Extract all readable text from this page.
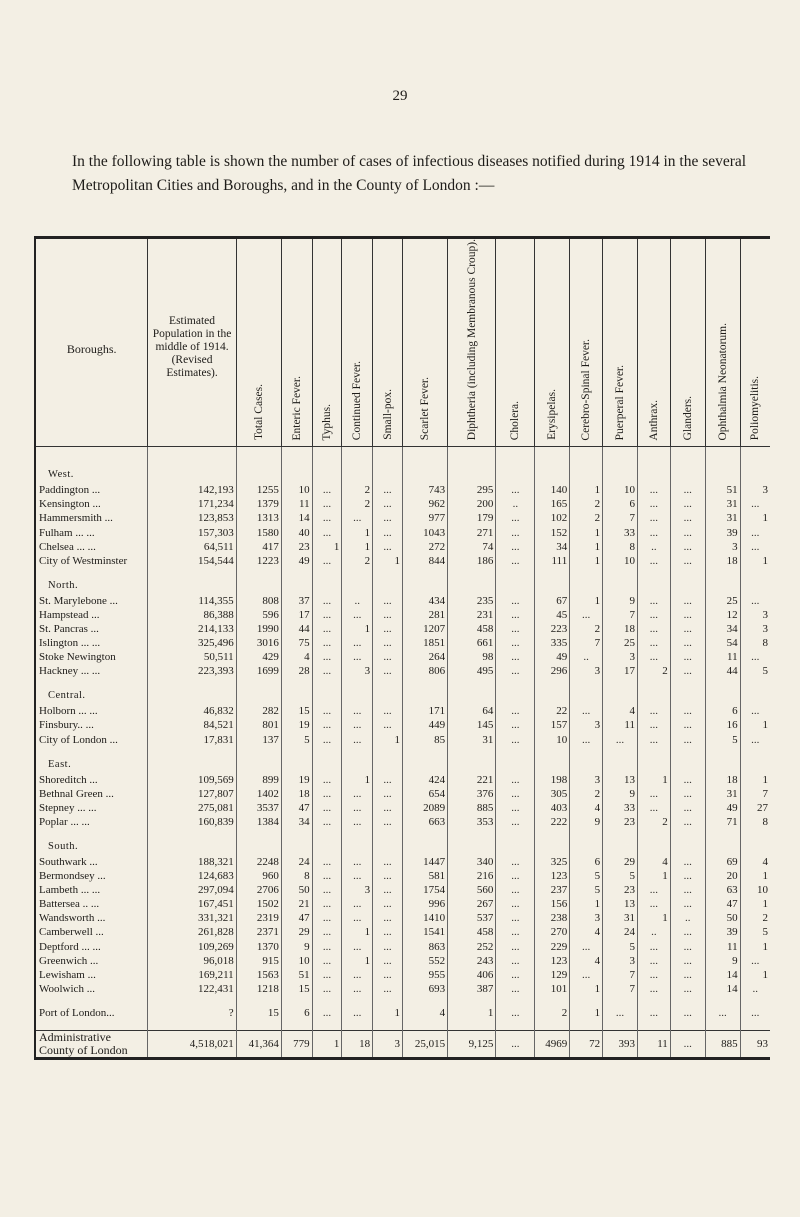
29
In the following table is shown the number of cases of infectious diseases notified during 1914 in the several Metropolitan Cities and Boroughs, and in the County of London :—
Boroughs.	Estimated Population in the middle of 1914. (Revised Estimates).	Total Cases.	Enteric Fever.	Typhus.	Continued Fever.	Small-pox.	Scarlet Fever.	Diphtheria (including Membranous Croup).	Cholera.	Erysipelas.	Cerebro-Spinal Fever.	Puerperal Fever.	Anthrax.	Glanders.	Ophthalmia Neonatorum.	Poliomyelitis.

West.																
Paddington ...	142,193	1255	10	...	2	...	743	295	...	140	1	10	...	...	51	3
Kensington ...	171,234	1379	11	...	2	...	962	200	..	165	2	6	...	...	31	...
Hammersmith ...	123,853	1313	14	...	...	...	977	179	...	102	2	7	...	...	31	1
Fulham ... ...	157,303	1580	40	...	1	...	1043	271	...	152	1	33	...	...	39	...
Chelsea ... ...	64,511	417	23	1	1	...	272	74	...	34	1	8	..	...	3	...
City of Westminster	154,544	1223	49	...	2	1	844	186	...	111	1	10	...	...	18	1

North.																
St. Marylebone ...	114,355	808	37	...	..	...	434	235	...	67	1	9	...	...	25	...
Hampstead ...	86,388	596	17	...	...	...	281	231	...	45	...	7	...	...	12	3
St. Pancras ...	214,133	1990	44	...	1	...	1207	458	...	223	2	18	...	...	34	3
Islington ... ...	325,496	3016	75	...	...	...	1851	661	...	335	7	25	...	...	54	8
Stoke Newington	50,511	429	4	...	...	...	264	98	...	49	..	3	...	...	11	...
Hackney ... ...	223,393	1699	28	...	3	...	806	495	...	296	3	17	2	...	44	5

Central.																
Holborn ... ...	46,832	282	15	...	...	...	171	64	...	22	...	4	...	...	6	...
Finsbury.. ...	84,521	801	19	...	...	...	449	145	...	157	3	11	...	...	16	1
City of London ...	17,831	137	5	...	...	1	85	31	...	10	...	...	...	...	5	...

East.																
Shoreditch ...	109,569	899	19	...	1	...	424	221	...	198	3	13	1	...	18	1
Bethnal Green ...	127,807	1402	18	...	...	...	654	376	...	305	2	9	...	...	31	7
Stepney ... ...	275,081	3537	47	...	...	...	2089	885	...	403	4	33	...	...	49	27
Poplar ... ...	160,839	1384	34	...	...	...	663	353	...	222	9	23	2	...	71	8

South.																
Southwark ...	188,321	2248	24	...	...	...	1447	340	...	325	6	29	4	...	69	4
Bermondsey ...	124,683	960	8	...	...	...	581	216	...	123	5	5	1	...	20	1
Lambeth ... ...	297,094	2706	50	...	3	...	1754	560	...	237	5	23	...	...	63	10
Battersea .. ...	167,451	1502	21	...	...	...	996	267	...	156	1	13	...	...	47	1
Wandsworth ...	331,321	2319	47	...	...	...	1410	537	...	238	3	31	1	..	50	2
Camberwell ...	261,828	2371	29	...	1	...	1541	458	...	270	4	24	..	...	39	5
Deptford ... ...	109,269	1370	9	...	...	...	863	252	...	229	...	5	...	...	11	1
Greenwich ...	96,018	915	10	...	1	...	552	243	...	123	4	3	...	...	9	...
Lewisham ...	169,211	1563	51	...	...	...	955	406	...	129	...	7	...	...	14	1
Woolwich ...	122,431	1218	15	...	...	...	693	387	...	101	1	7	...	...	14	..

Port of London...	?	15	6	...	...	1	4	1	...	2	1	...	...	...	...	...

Administrative County of London	4,518,021	41,364	779	1	18	3	25,015	9,125	...	4969	72	393	11	...	885	93
